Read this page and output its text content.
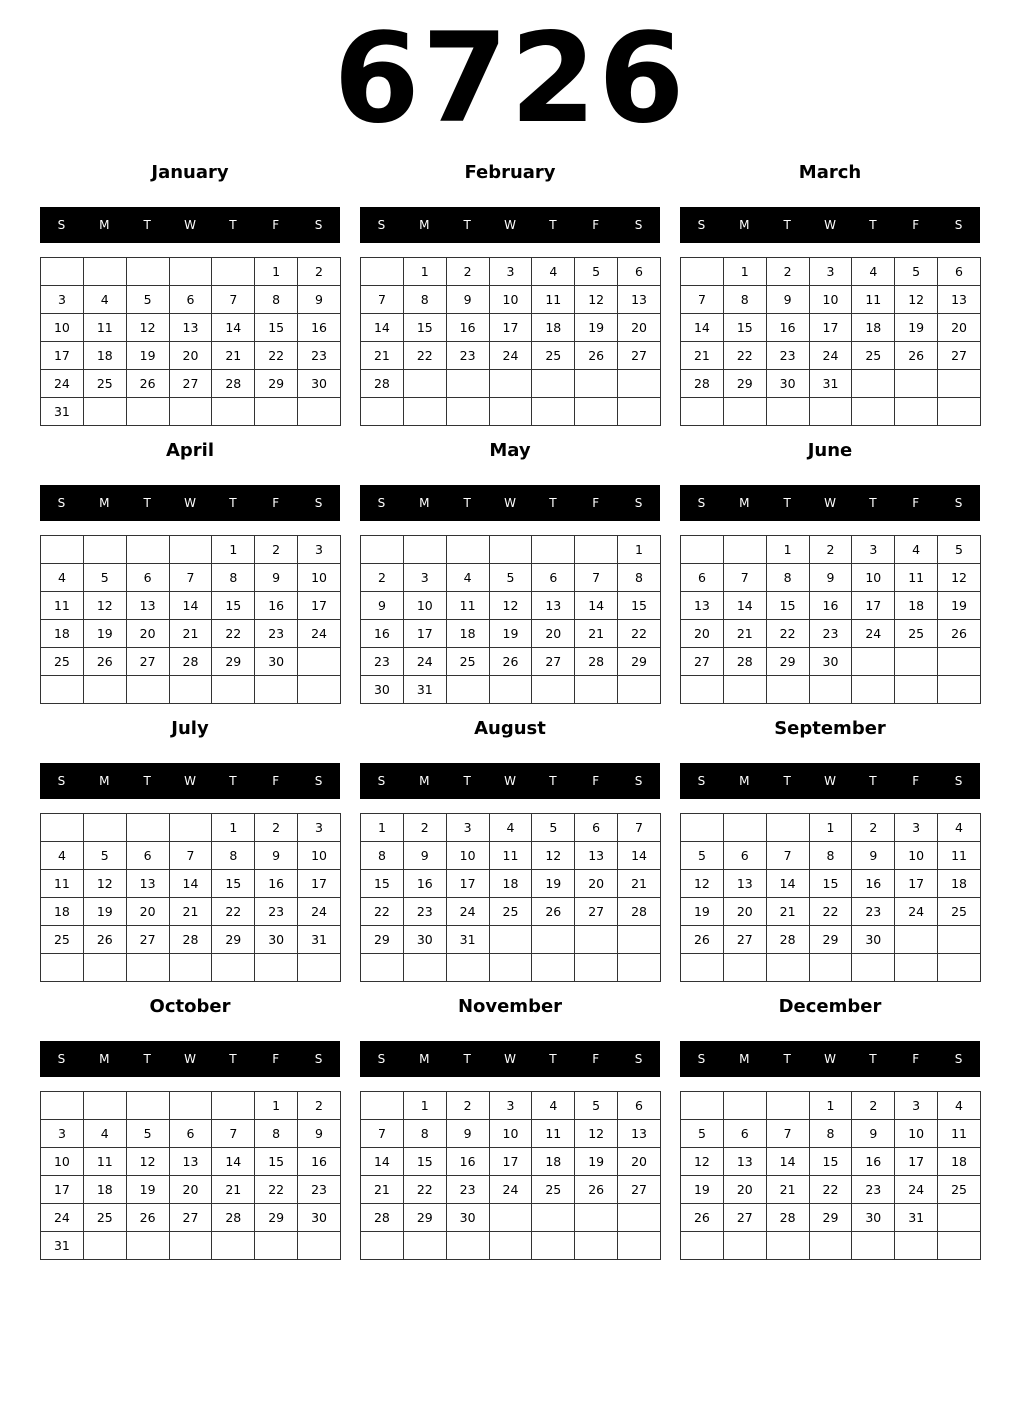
6726
January
S	M	T	W	T	F	S
					1	2
3	4	5	6	7	8	9
10	11	12	13	14	15	16
17	18	19	20	21	22	23
24	25	26	27	28	29	30
31						
February
S	M	T	W	T	F	S
	1	2	3	4	5	6
7	8	9	10	11	12	13
14	15	16	17	18	19	20
21	22	23	24	25	26	27
28						

March
S	M	T	W	T	F	S
	1	2	3	4	5	6
7	8	9	10	11	12	13
14	15	16	17	18	19	20
21	22	23	24	25	26	27
28	29	30	31			

April
S	M	T	W	T	F	S
				1	2	3
4	5	6	7	8	9	10
11	12	13	14	15	16	17
18	19	20	21	22	23	24
25	26	27	28	29	30	

May
S	M	T	W	T	F	S
						1
2	3	4	5	6	7	8
9	10	11	12	13	14	15
16	17	18	19	20	21	22
23	24	25	26	27	28	29
30	31					
June
S	M	T	W	T	F	S
		1	2	3	4	5
6	7	8	9	10	11	12
13	14	15	16	17	18	19
20	21	22	23	24	25	26
27	28	29	30			

July
S	M	T	W	T	F	S
				1	2	3
4	5	6	7	8	9	10
11	12	13	14	15	16	17
18	19	20	21	22	23	24
25	26	27	28	29	30	31

August
S	M	T	W	T	F	S
1	2	3	4	5	6	7
8	9	10	11	12	13	14
15	16	17	18	19	20	21
22	23	24	25	26	27	28
29	30	31				

September
S	M	T	W	T	F	S
			1	2	3	4
5	6	7	8	9	10	11
12	13	14	15	16	17	18
19	20	21	22	23	24	25
26	27	28	29	30		

October
S	M	T	W	T	F	S
					1	2
3	4	5	6	7	8	9
10	11	12	13	14	15	16
17	18	19	20	21	22	23
24	25	26	27	28	29	30
31						
November
S	M	T	W	T	F	S
	1	2	3	4	5	6
7	8	9	10	11	12	13
14	15	16	17	18	19	20
21	22	23	24	25	26	27
28	29	30				

December
S	M	T	W	T	F	S
			1	2	3	4
5	6	7	8	9	10	11
12	13	14	15	16	17	18
19	20	21	22	23	24	25
26	27	28	29	30	31	
